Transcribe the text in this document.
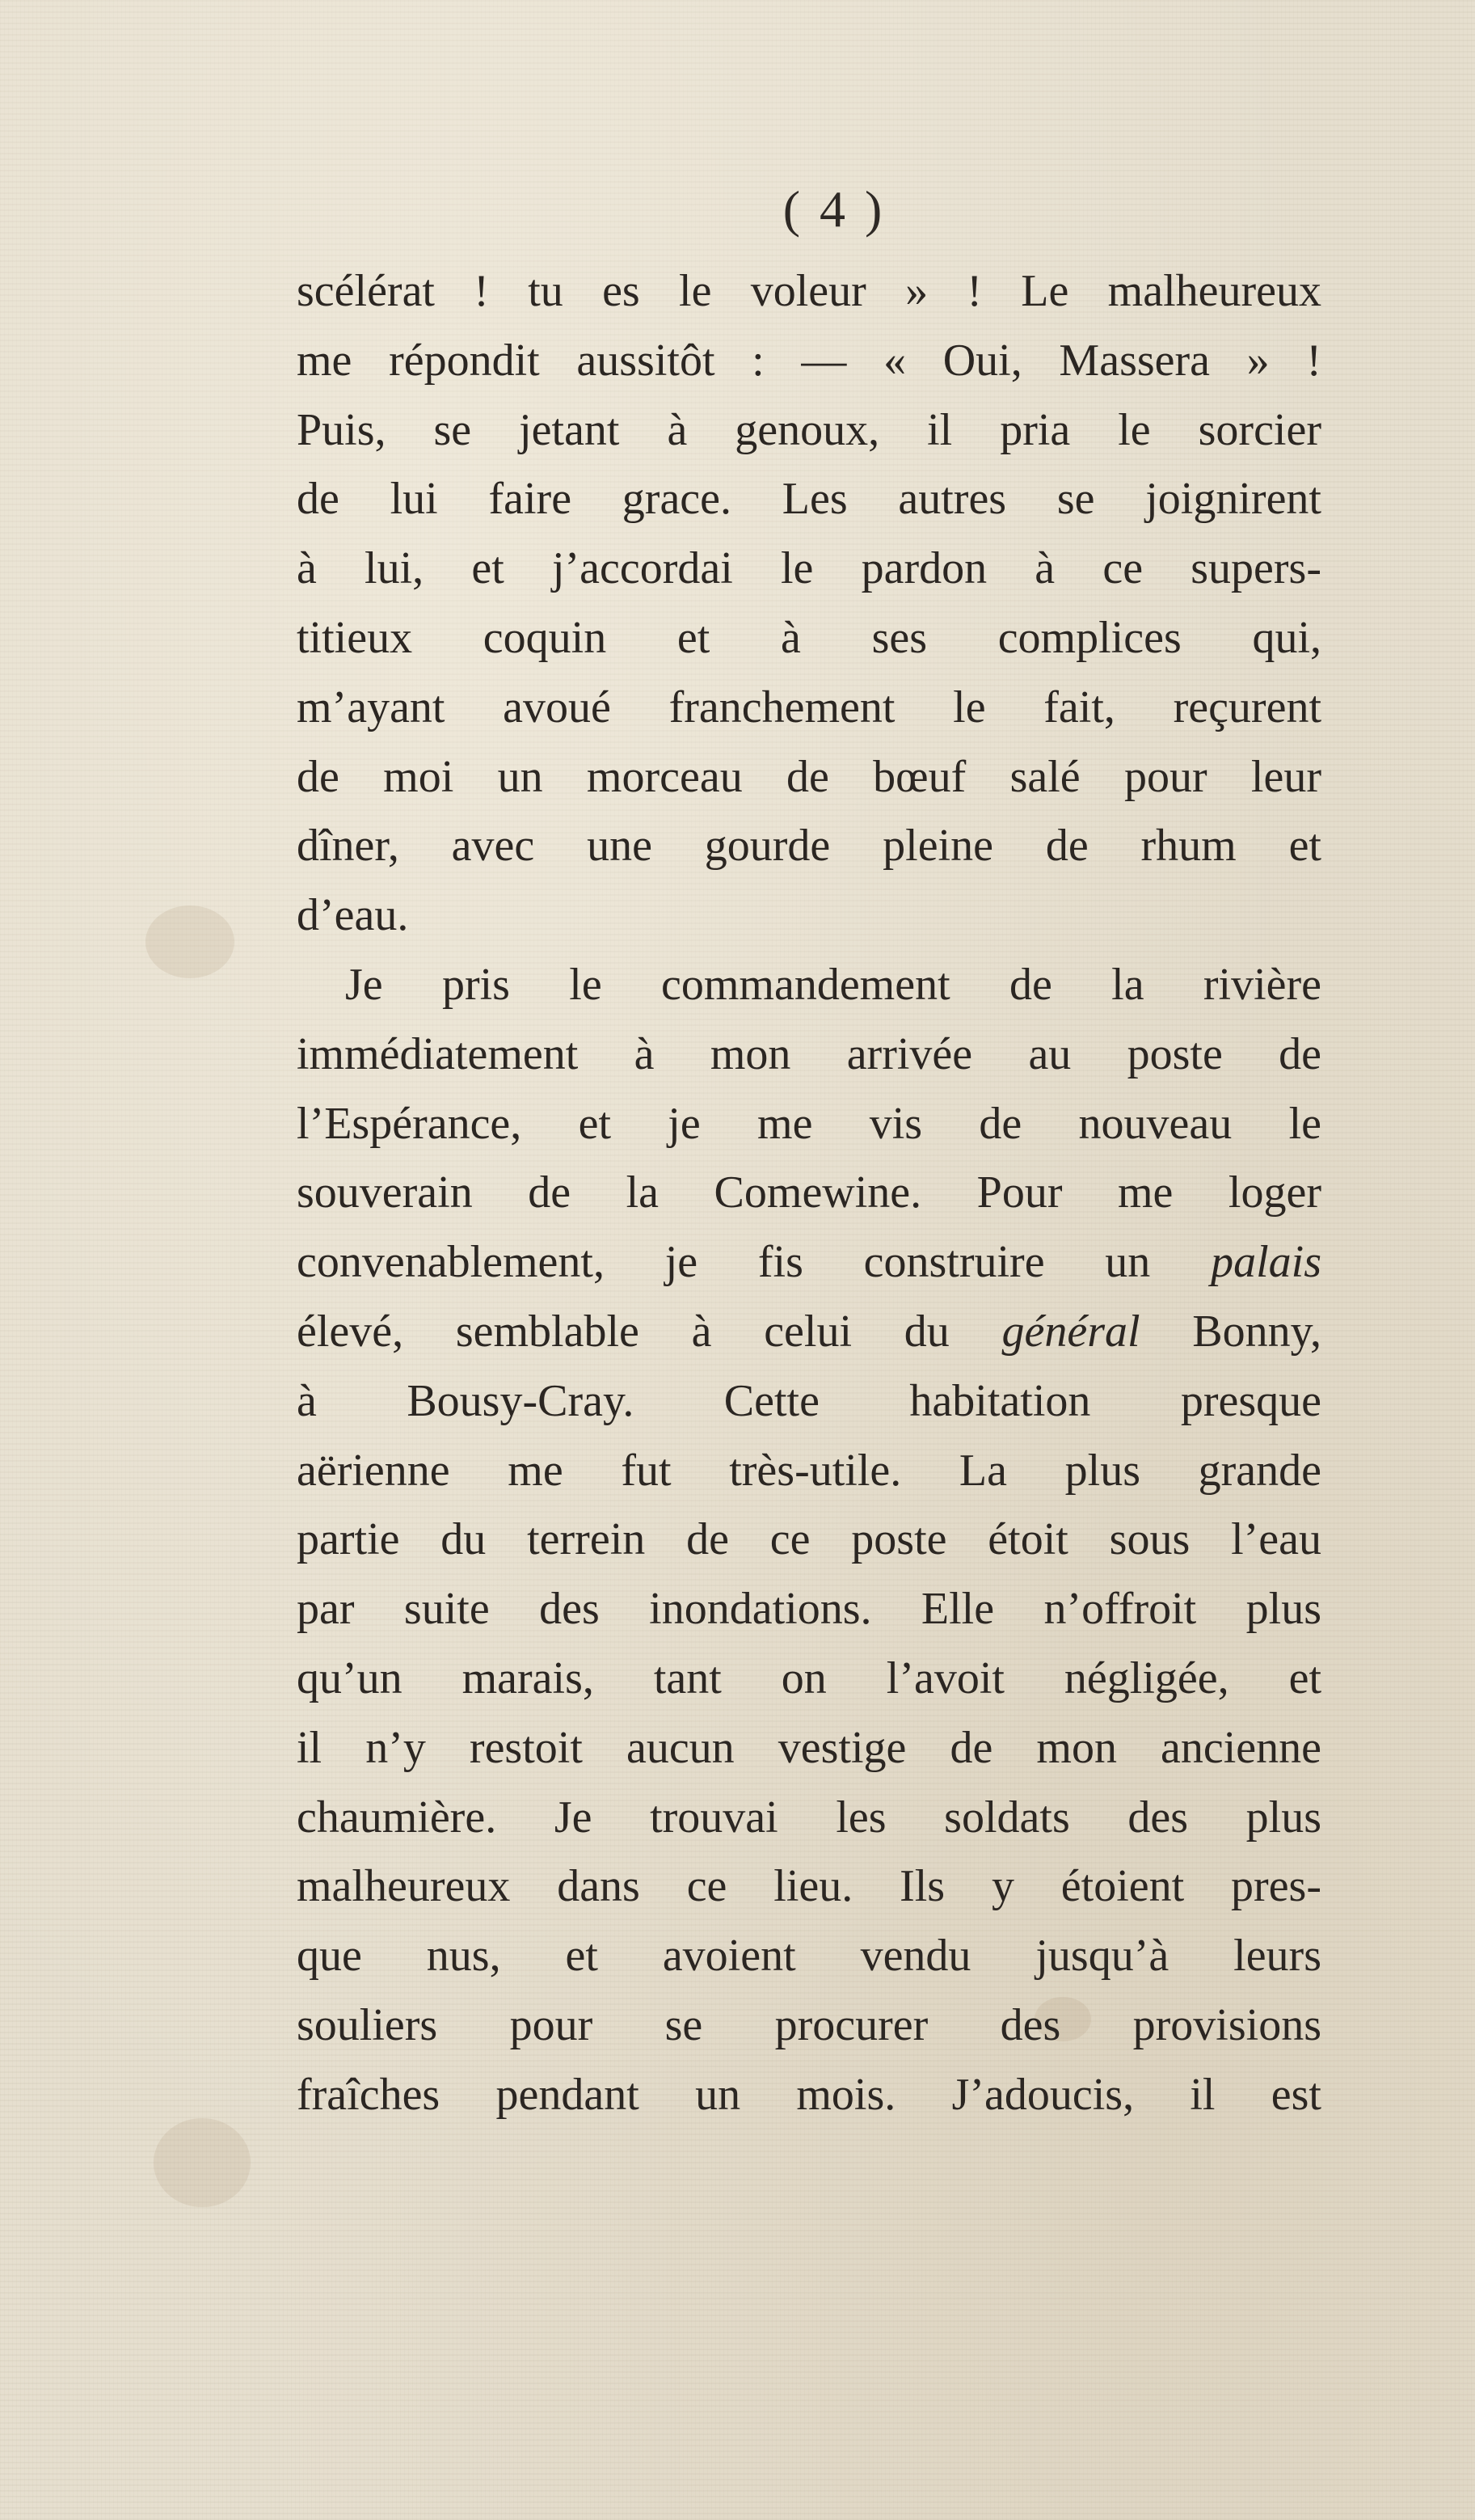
( 4 )
scélérat ! tu es le voleur » ! Le malheureux
me répondit aussitôt : — « Oui, Massera » !
Puis, se jetant à genoux, il pria le sorcier
de lui faire grace. Les autres se joignirent
à lui, et j’accordai le pardon à ce supers-
titieux coquin et à ses complices qui,
m’ayant avoué franchement le fait, reçurent
de moi un morceau de bœuf salé pour leur
dîner, avec une gourde pleine de rhum et
d’eau.
Je pris le commandement de la rivière
immédiatement à mon arrivée au poste de
l’Espérance, et je me vis de nouveau le
souverain de la Comewine. Pour me loger
convenablement, je fis construire un palais
élevé, semblable à celui du général Bonny,
à Bousy-Cray. Cette habitation presque
aërienne me fut très-utile. La plus grande
partie du terrein de ce poste étoit sous l’eau
par suite des inondations. Elle n’offroit plus
qu’un marais, tant on l’avoit négligée, et
il n’y restoit aucun vestige de mon ancienne
chaumière. Je trouvai les soldats des plus
malheureux dans ce lieu. Ils y étoient pres-
que nus, et avoient vendu jusqu’à leurs
souliers pour se procurer des provisions
fraîches pendant un mois. J’adoucis, il est
